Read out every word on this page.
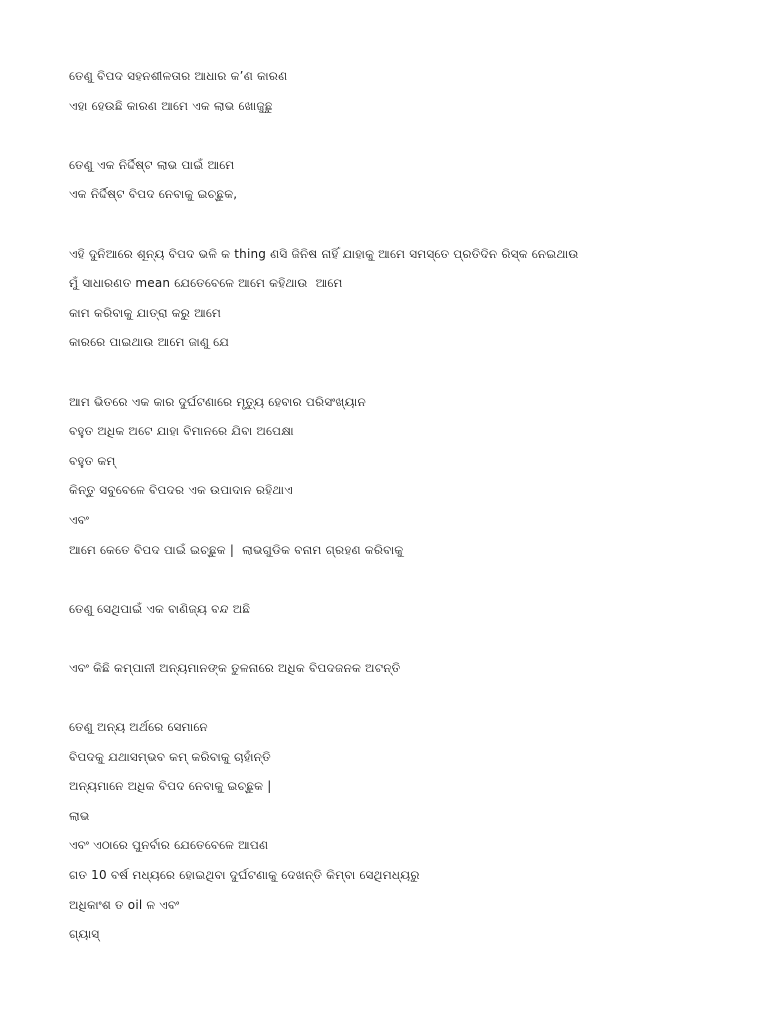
ତେଣୁ ବିପଦ ସହନଶୀଳତାର ଆଧାର କ’ଣ କାରଣ
ଏହା ହେଉଛି କାରଣ ଆମେ ଏକ ଲାଭ ଖୋଜୁଛୁ
ତେଣୁ ଏକ ନିର୍ଦ୍ଦିଷ୍ଟ ଲାଭ ପାଇଁ ଆମେ
ଏକ ନିର୍ଦ୍ଦିଷ୍ଟ ବିପଦ ନେବାକୁ ଇଚ୍ଛୁକ,
ଏହି ଦୁନିଆରେ ଶୂନ୍ୟ ବିପଦ ଭଳି କ thing ଣସି ଜିନିଷ ନାହିଁ ଯାହାକୁ ଆମେ ସମସ୍ତେ ପ୍ରତିଦିନ ରିସ୍କ ନେଇଥାଉ
ମୁଁ ସାଧାରଣତ mean ଯେତେବେଳେ ଆମେ କହିଥାଉ  ଆମେ
କାମ କରିବାକୁ ଯାତ୍ରା କରୁ ଆମେ
କାରରେ ପାଇଥାଉ ଆମେ ଜାଣୁ ଯେ
ଆମ ଭିତରେ ଏକ କାର ଦୁର୍ଘଟଣାରେ ମୃତ୍ୟୁ ହେବାର ପରିସଂଖ୍ୟାନ
ବହୁତ ଅଧିକ ଅଟେ ଯାହା ବିମାନରେ ଯିବା ଅପେକ୍ଷା
ବହୁତ କମ୍
କିନ୍ତୁ ସବୁବେଳେ ବିପଦର ଏକ ଉପାଦାନ ରହିଥାଏ
ଏବଂ
ଆମେ କେତେ ବିପଦ ପାଇଁ ଇଚ୍ଛୁକ |  ଲାଭଗୁଡିକ ବନାମ ଗ୍ରହଣ କରିବାକୁ
ତେଣୁ ସେଥିପାଇଁ ଏକ ବାଣିଜ୍ୟ ବନ୍ଦ ଅଛି
ଏବଂ କିଛି କମ୍ପାନୀ ଅନ୍ୟମାନଙ୍କ ତୁଳନାରେ ଅଧିକ ବିପଦଜନକ ଅଟନ୍ତି
ତେଣୁ ଅନ୍ୟ ଅର୍ଥରେ ସେମାନେ
ବିପଦକୁ ଯଥାସମ୍ଭବ କମ୍ କରିବାକୁ ଚାହାଁନ୍ତି
ଅନ୍ୟମାନେ ଅଧିକ ବିପଦ ନେବାକୁ ଇଚ୍ଛୁକ |
ଲାଭ
ଏବଂ ଏଠାରେ ପୁନର୍ବାର ଯେତେବେଳେ ଆପଣ
ଗତ 10 ବର୍ଷ ମଧ୍ୟରେ ହୋଇଥିବା ଦୁର୍ଘଟଣାକୁ ଦେଖନ୍ତି କିମ୍ବା ସେଥିମଧ୍ୟରୁ
ଅଧିକାଂଶ ତ oil ଳ ଏବଂ
ଗ୍ୟାସ୍
